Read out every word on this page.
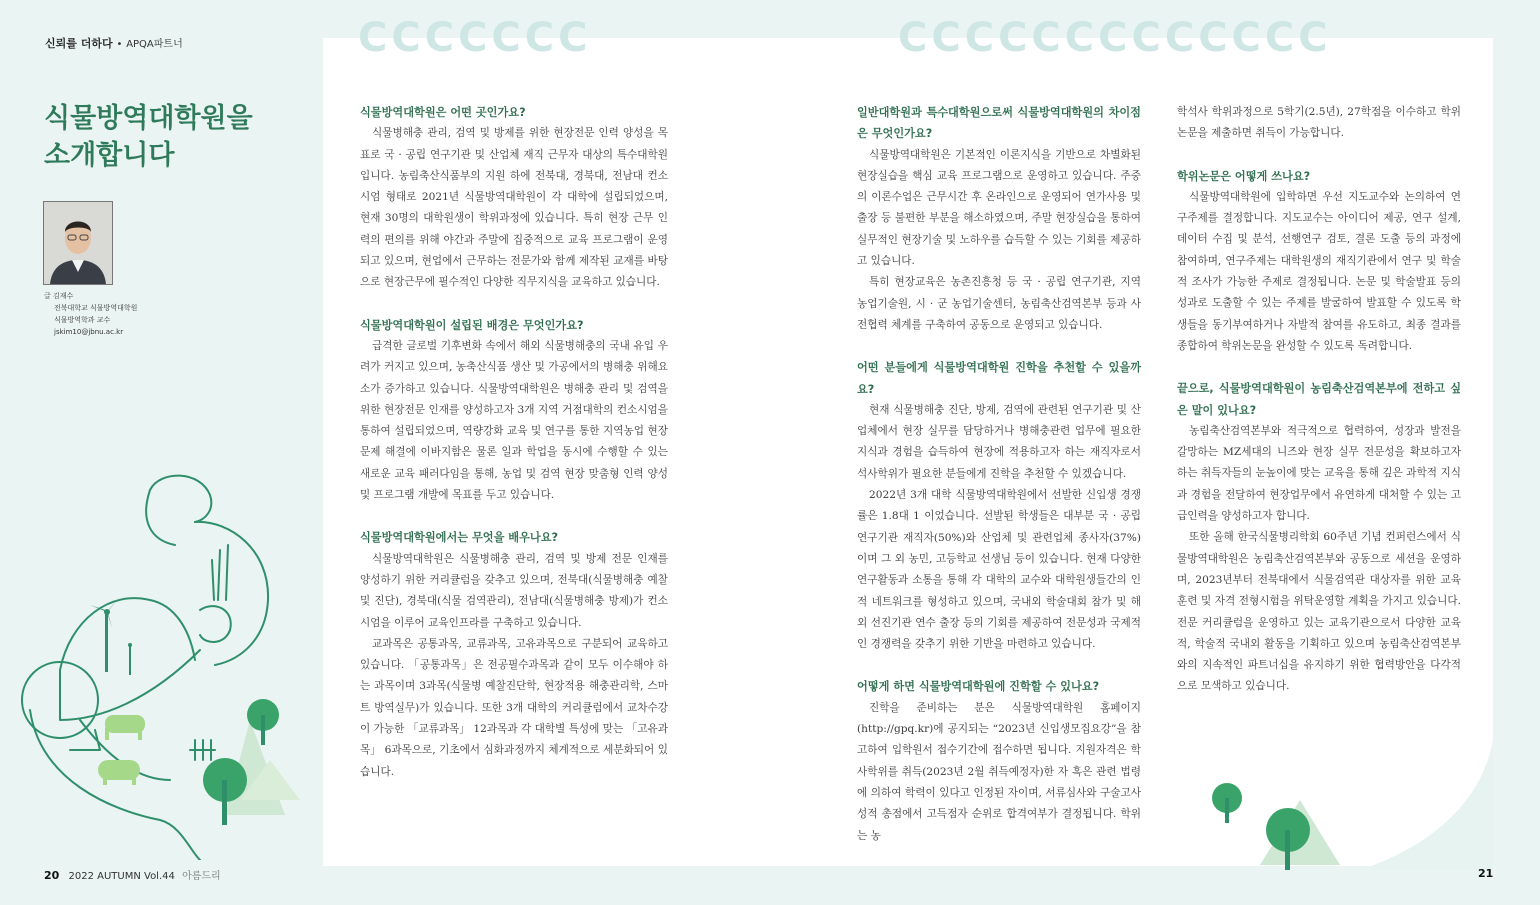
ССССССС	ССССССССССССС
신뢰를 더하다 • APQA파트너
식물방역대학원을
소개합니다
글 김재수
전북대학교 식물방역대학원
식물방역학과 교수
jskim10@jbnu.ac.kr
식물방역대학원은 어떤 곳인가요?

식물병해충 관리, 검역 및 방제를 위한 현장전문 인력 양성을 목표로 국 · 공립 연구기관 및 산업체 재직 근무자 대상의 특수대학원입니다. 농림축산식품부의 지원 하에 전북대, 경북대, 전남대 컨소시엄 형태로 2021년 식물방역대학원이 각 대학에 설립되었으며, 현재 30명의 대학원생이 학위과정에 있습니다. 특히 현장 근무 인력의 편의를 위해 야간과 주말에 집중적으로 교육 프로그램이 운영되고 있으며, 현업에서 근무하는 전문가와 함께 제작된 교재를 바탕으로 현장근무에 필수적인 다양한 직무지식을 교육하고 있습니다.

식물방역대학원이 설립된 배경은 무엇인가요?

급격한 글로벌 기후변화 속에서 해외 식물병해충의 국내 유입 우려가 커지고 있으며, 농축산식품 생산 및 가공에서의 병해충 위해요소가 증가하고 있습니다. 식물방역대학원은 병해충 관리 및 검역을 위한 현장전문 인재를 양성하고자 3개 지역 거점대학의 컨소시엄을 통하여 설립되었으며, 역량강화 교육 및 연구를 통한 지역농업 현장문제 해결에 이바지함은 물론 일과 학업을 동시에 수행할 수 있는 새로운 교육 패러다임을 통해, 농업 및 검역 현장 맞춤형 인력 양성 및 프로그램 개발에 목표를 두고 있습니다.

식물방역대학원에서는 무엇을 배우나요?

식물방역대학원은 식물병해충 관리, 검역 및 방제 전문 인재를 양성하기 위한 커리큘럼을 갖추고 있으며, 전북대(식물병해충 예찰 및 진단), 경북대(식물 검역관리), 전남대(식물병해충 방제)가 컨소시엄을 이루어 교육인프라를 구축하고 있습니다.

교과목은 공통과목, 교류과목, 고유과목으로 구분되어 교육하고 있습니다. 「공통과목」은 전공필수과목과 같이 모두 이수해야 하는 과목이며 3과목(식물병 예찰진단학, 현장적용 해충관리학, 스마트 방역실무)가 있습니다. 또한 3개 대학의 커리큘럼에서 교차수강이 가능한 「교류과목」 12과목과 각 대학별 특성에 맞는 「고유과목」 6과목으로, 기초에서 심화과정까지 체계적으로 세분화되어 있습니다.

일반대학원과 특수대학원으로써 식물방역대학원의 차이점은 무엇인가요?

식물방역대학원은 기본적인 이론지식을 기반으로 차별화된 현장실습을 핵심 교육 프로그램으로 운영하고 있습니다. 주중의 이론수업은 근무시간 후 온라인으로 운영되어 연가사용 및 출장 등 불편한 부분을 해소하였으며, 주말 현장실습을 통하여 실무적인 현장기술 및 노하우를 습득할 수 있는 기회를 제공하고 있습니다.

특히 현장교육은 농촌진흥청 등 국 · 공립 연구기관, 지역 농업기술원, 시 · 군 농업기술센터, 농림축산검역본부 등과 사전협력 체계를 구축하여 공동으로 운영되고 있습니다.

어떤 분들에게 식물방역대학원 진학을 추천할 수 있을까요?

현재 식물병해충 진단, 방제, 검역에 관련된 연구기관 및 산업체에서 현장 실무를 담당하거나 병해충관련 업무에 필요한 지식과 경험을 습득하여 현장에 적용하고자 하는 재직자로서 석사학위가 필요한 분들에게 진학을 추천할 수 있겠습니다.

2022년 3개 대학 식물방역대학원에서 선발한 신입생 경쟁률은 1.8대 1 이었습니다. 선발된 학생들은 대부분 국 · 공립 연구기관 재직자(50%)와 산업체 및 관련업체 종사자(37%)이며 그 외 농민, 고등학교 선생님 등이 있습니다. 현재 다양한 연구활동과 소통을 통해 각 대학의 교수와 대학원생들간의 인적 네트워크를 형성하고 있으며, 국내외 학술대회 참가 및 해외 선진기관 연수 출장 등의 기회를 제공하여 전문성과 국제적인 경쟁력을 갖추기 위한 기반을 마련하고 있습니다.

어떻게 하면 식물방역대학원에 진학할 수 있나요?

진학을 준비하는 분은 식물방역대학원 홈페이지(http://gpq.kr)에 공지되는 “2023년 신입생모집요강”을 참고하여 입학원서 접수기간에 접수하면 됩니다. 지원자격은 학사학위를 취득(2023년 2월 취득예정자)한 자 혹은 관련 법령에 의하여 학력이 있다고 인정된 자이며, 서류심사와 구술고사 성적 총점에서 고득점자 순위로 합격여부가 결정됩니다. 학위는 농

학석사 학위과정으로 5학기(2.5년), 27학점을 이수하고 학위논문을 제출하면 취득이 가능합니다.

학위논문은 어떻게 쓰나요?

식물방역대학원에 입학하면 우선 지도교수와 논의하여 연구주제를 결정합니다. 지도교수는 아이디어 제공, 연구 설계, 데이터 수집 및 분석, 선행연구 검토, 결론 도출 등의 과정에 참여하며, 연구주제는 대학원생의 재직기관에서 연구 및 학술적 조사가 가능한 주제로 결정됩니다. 논문 및 학술발표 등의 성과로 도출할 수 있는 주제를 발굴하여 발표할 수 있도록 학생들을 동기부여하거나 자발적 참여를 유도하고, 최종 결과를 종합하여 학위논문을 완성할 수 있도록 독려합니다.

끝으로, 식물방역대학원이 농림축산검역본부에 전하고 싶은 말이 있나요?

농림축산검역본부와 적극적으로 협력하여, 성장과 발전을 갈망하는 MZ세대의 니즈와 현장 실무 전문성을 확보하고자 하는 취득자들의 눈높이에 맞는 교육을 통해 깊은 과학적 지식과 경험을 전달하여 현장업무에서 유연하게 대처할 수 있는 고급인력을 양성하고자 합니다.

또한 올해 한국식물병리학회 60주년 기념 컨퍼런스에서 식물방역대학원은 농림축산검역본부와 공동으로 세션을 운영하며, 2023년부터 전북대에서 식물검역관 대상자를 위한 교육훈련 및 자격 전형시험을 위탁운영할 계획을 가지고 있습니다. 전문 커리큘럼을 운영하고 있는 교육기관으로서 다양한 교육적, 학술적 국내외 활동을 기획하고 있으며 농림축산검역본부와의 지속적인 파트너십을 유지하기 위한 협력방안을 다각적으로 모색하고 있습니다.

20 2022 AUTUMN Vol.44 아름드리	21
